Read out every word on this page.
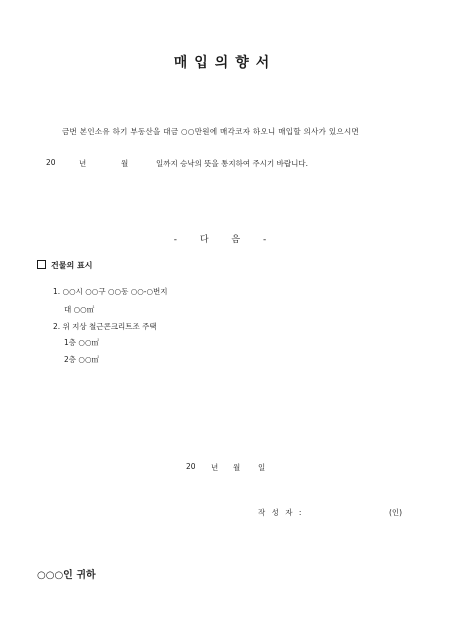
매입의향서
금번 본인소유 하기 부동산을 대금 ○○만원에 매각코자 하오니 매입할 의사가 있으시면
20	년	월	일까지 승낙의 뜻을 통지하여 주시기 바랍니다.
- 다 음 -
건물의 표시
1. ○○시 ○○구 ○○동 ○○-○번지
대 ○○㎡
2. 위 지상 철근콘크리트조 주택
1층 ○○㎡
2층 ○○㎡
20 년 월 일
작 성 자 :	(인)
○○○인 귀하
